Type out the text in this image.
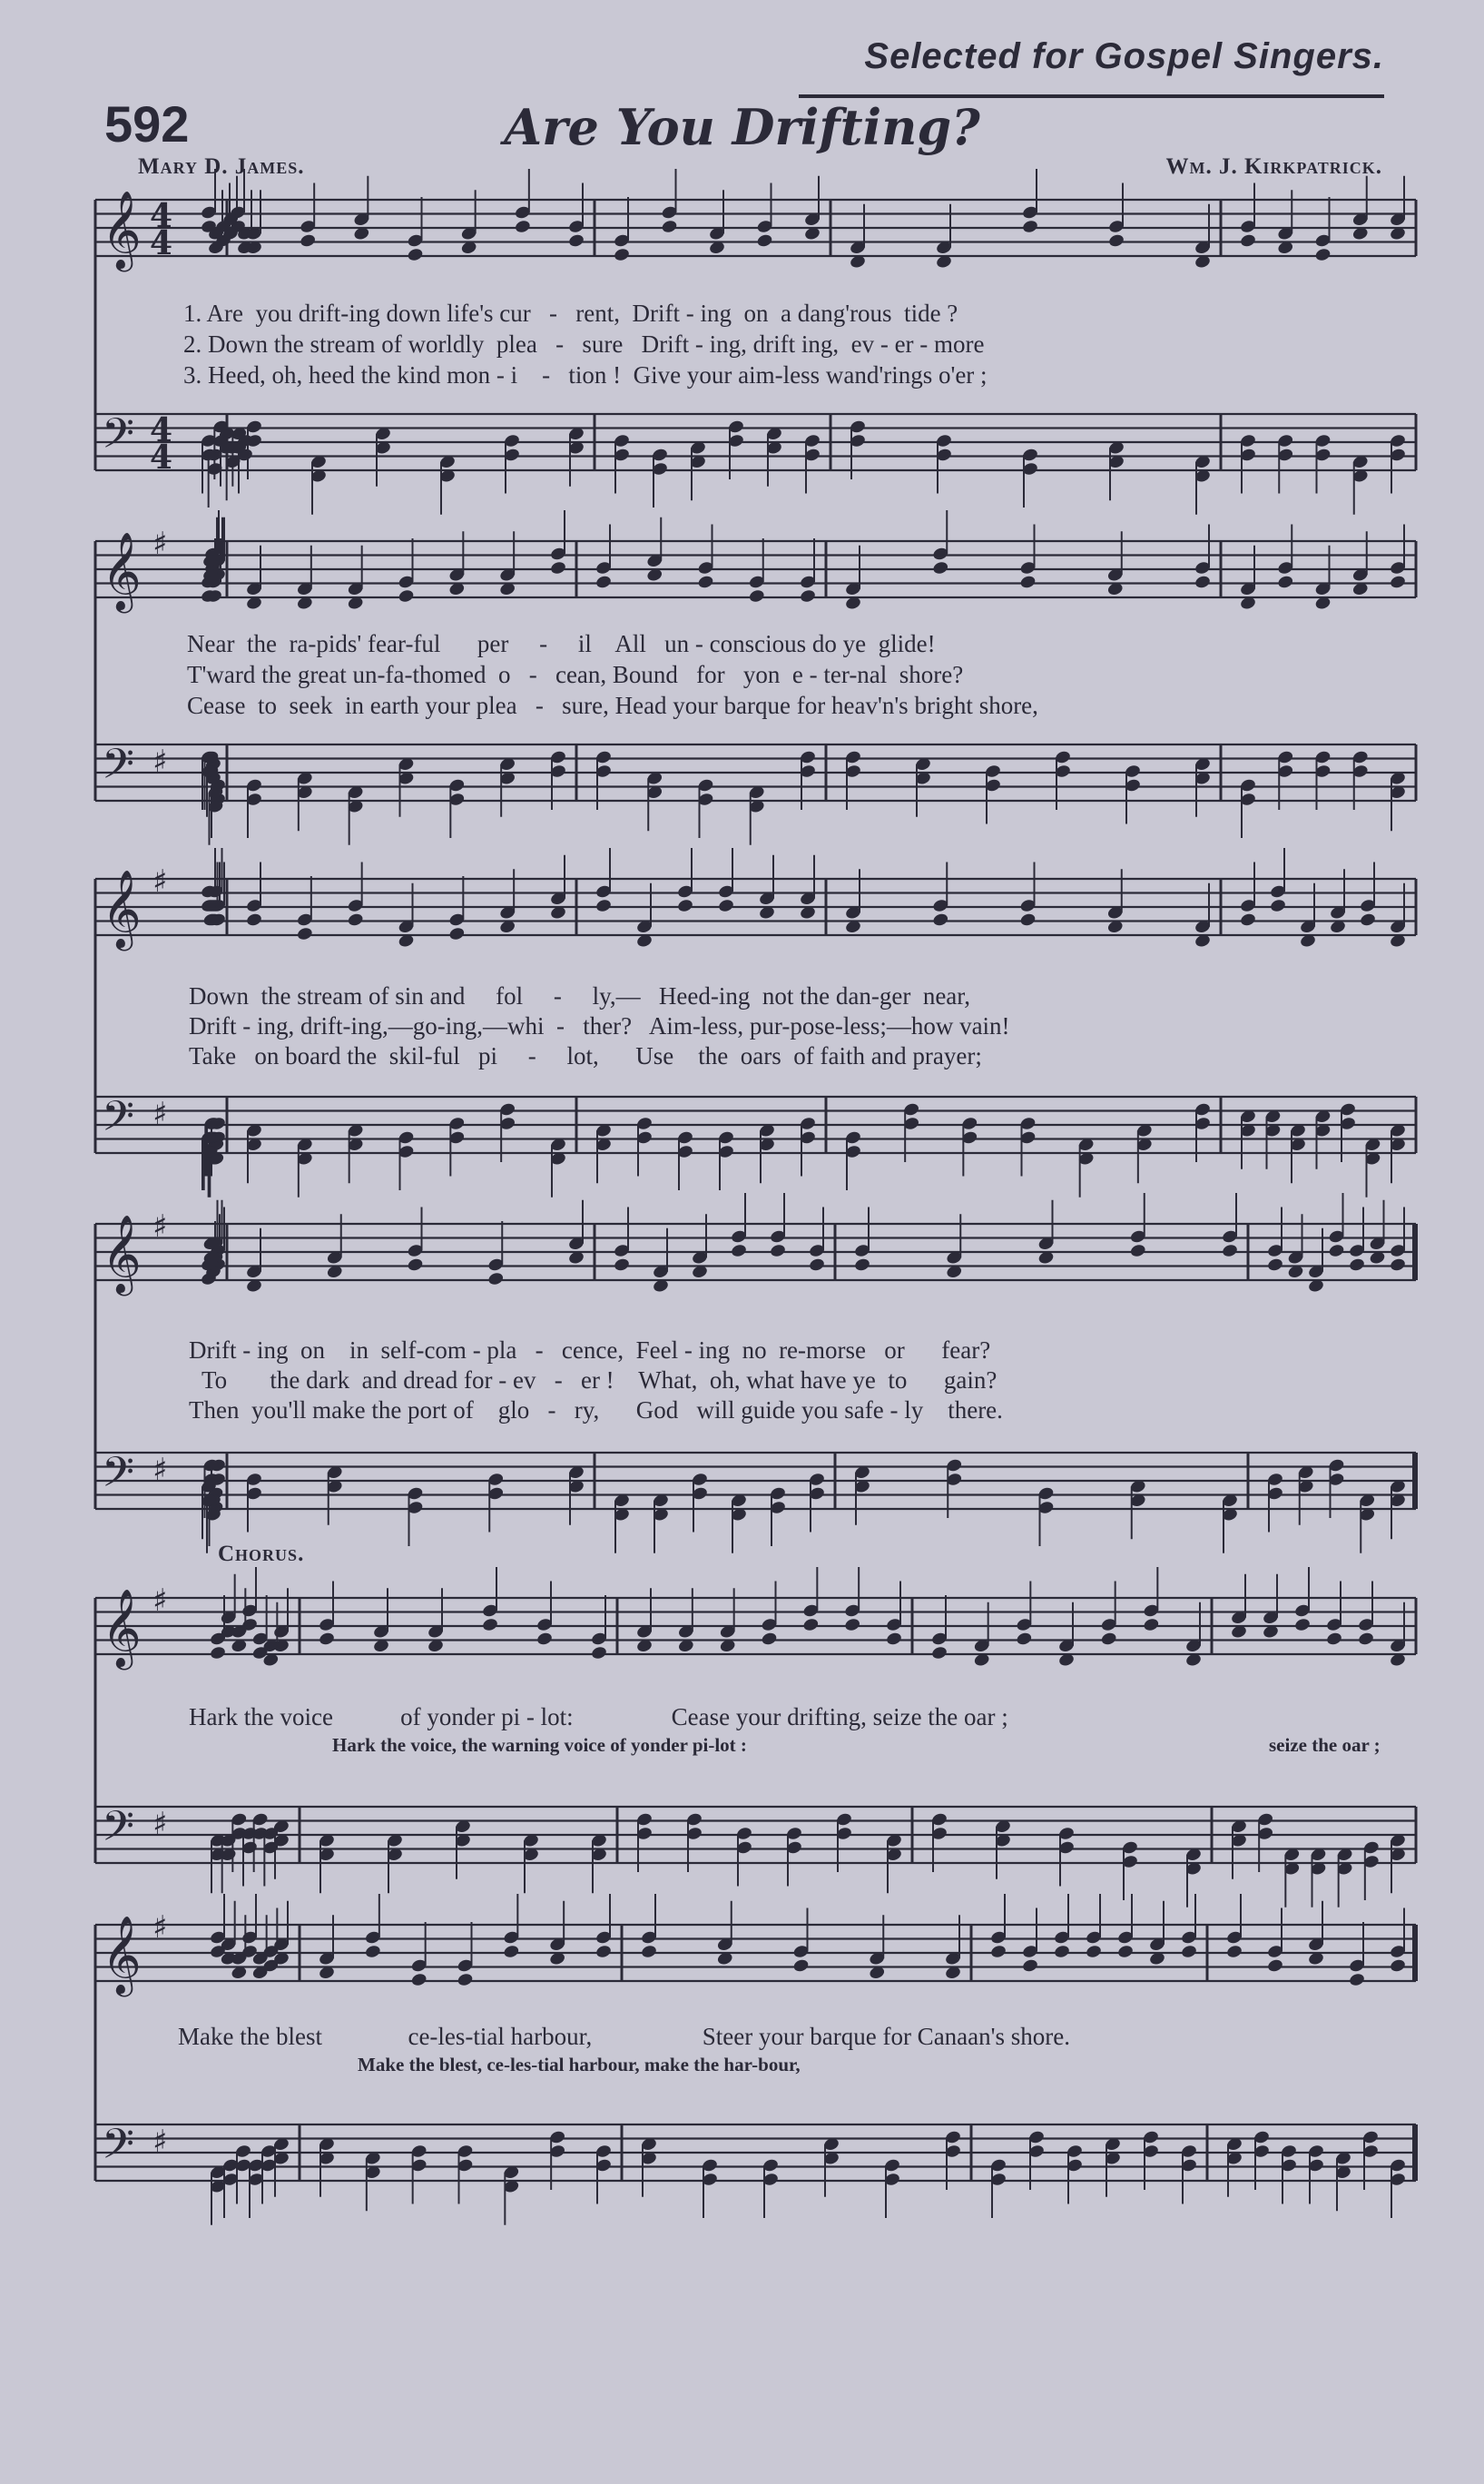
Selected for Gospel Singers.
592	Are You Drifting?
Mary D. James.	Wm. J. Kirkpatrick.
𝄞 4
4
𝄢 4
4
𝄞 ♯
𝄢 ♯
𝄞 ♯
𝄢 ♯
𝄞 ♯
𝄢 ♯
𝄞 ♯
𝄢 ♯
𝄞 ♯
𝄢 ♯
1. Are  you drift-ing down life's cur   -   rent,  Drift - ing  on  a dang'rous  tide ?
2. Down the stream of worldly  plea   -   sure   Drift - ing, drift ing,  ev - er - more
3. Heed, oh, heed the kind mon - i    -   tion !  Give your aim-less wand'rings o'er ;
Near  the  ra-pids' fear-ful      per     -     il    All   un - conscious do ye  glide!
T'ward the great un-fa-thomed  o   -   cean, Bound   for   yon  e - ter-nal  shore?
Cease  to  seek  in earth your plea   -   sure, Head your barque for heav'n's bright shore,
Down  the stream of sin and     fol     -     ly,—   Heed-ing  not the dan-ger  near,
Drift - ing, drift-ing,—go-ing,—whi  -   ther?   Aim-less, pur-pose-less;—how vain!
Take   on board the  skil-ful   pi     -     lot,      Use    the  oars  of faith and prayer;
Drift - ing  on    in  self-com - pla   -   cence,  Feel - ing  no  re-morse   or      fear?
To       the dark  and dread for - ev   -   er !    What,  oh, what have ye  to      gain?
Then  you'll make the port of    glo   -   ry,      God   will guide you safe - ly    there.
Chorus.
Hark the voice           of yonder pi - lot:                Cease your drifting, seize the oar ;
Hark the voice, the warning voice of yonder pi-lot :	seize the oar ;
Make the blest              ce-les-tial harbour,                  Steer your barque for Canaan's shore.
Make the blest, ce-les-tial harbour, make the har-bour,
